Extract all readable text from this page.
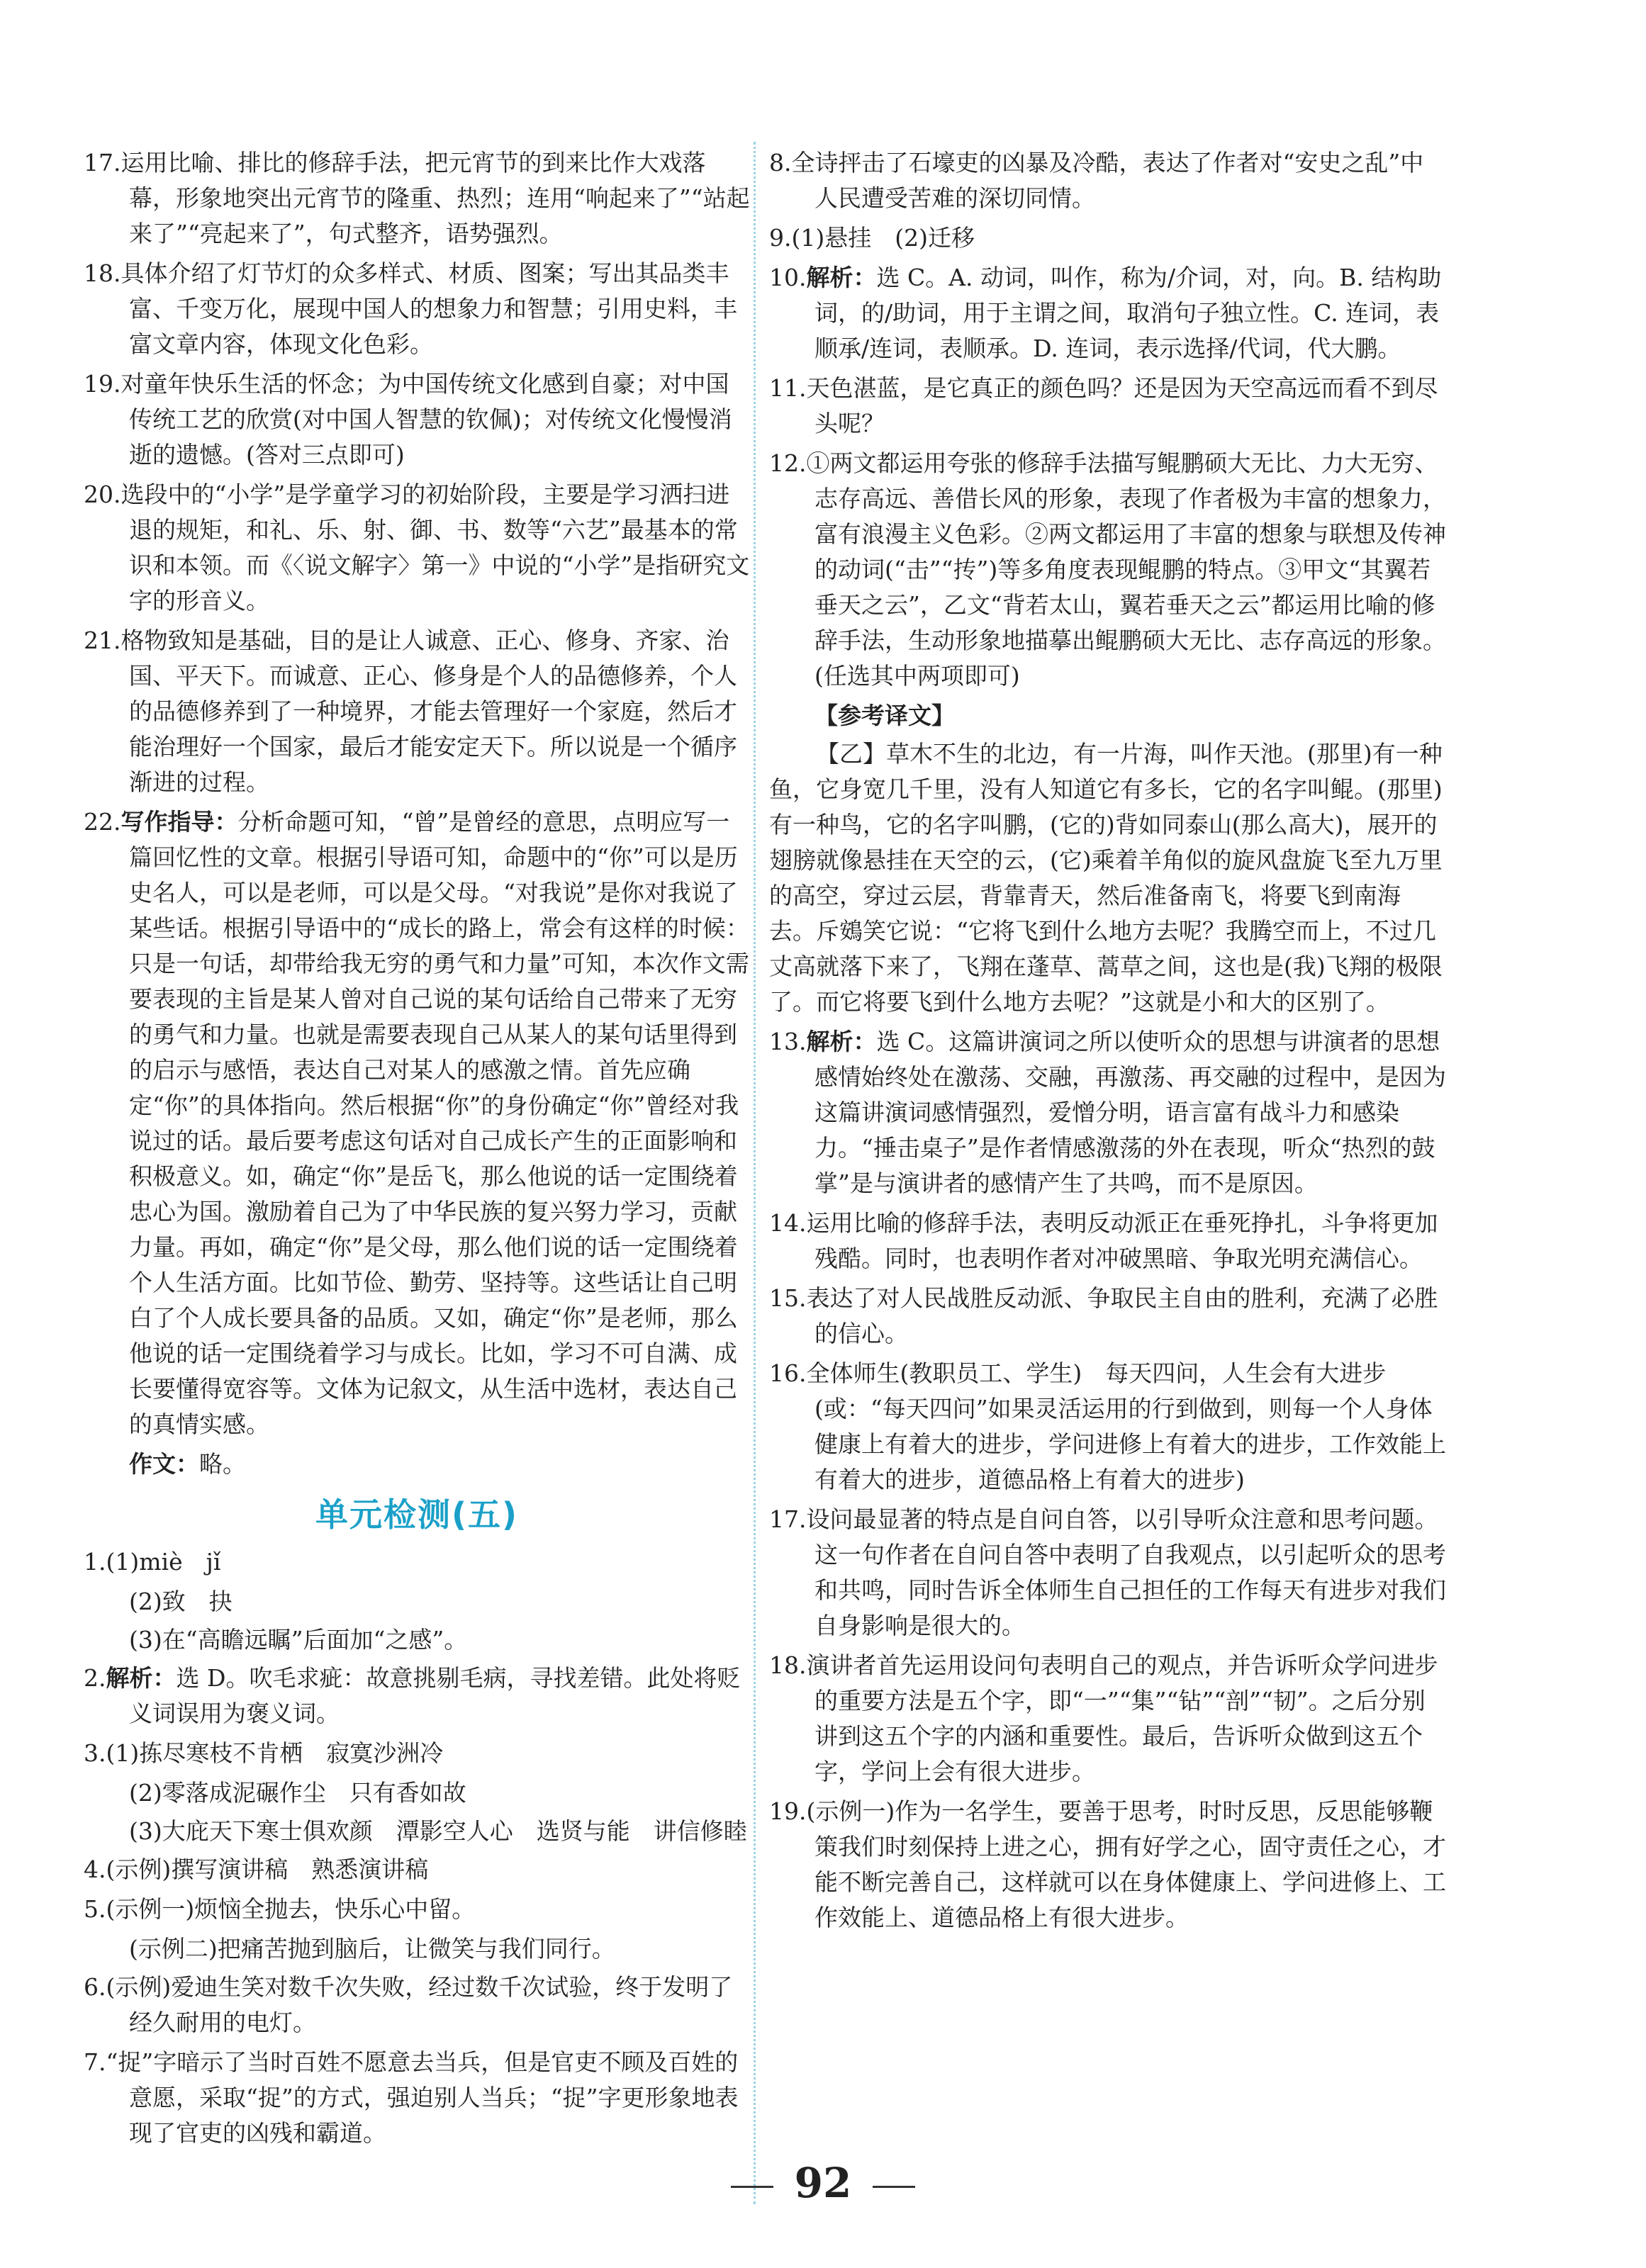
17.运用比喻、排比的修辞手法，把元宵节的到来比作大戏落幕，形象地突出元宵节的隆重、热烈；连用“响起来了”“站起来了”“亮起来了”，句式整齐，语势强烈。
18.具体介绍了灯节灯的众多样式、材质、图案；写出其品类丰富、千变万化，展现中国人的想象力和智慧；引用史料，丰富文章内容，体现文化色彩。
19.对童年快乐生活的怀念；为中国传统文化感到自豪；对中国传统工艺的欣赏(对中国人智慧的钦佩)；对传统文化慢慢消逝的遗憾。(答对三点即可)
20.选段中的“小学”是学童学习的初始阶段，主要是学习洒扫进退的规矩，和礼、乐、射、御、书、数等“六艺”最基本的常识和本领。而《〈说文解字〉第一》中说的“小学”是指研究文字的形音义。
21.格物致知是基础，目的是让人诚意、正心、修身、齐家、治国、平天下。而诚意、正心、修身是个人的品德修养，个人的品德修养到了一种境界，才能去管理好一个家庭，然后才能治理好一个国家，最后才能安定天下。所以说是一个循序渐进的过程。
22.写作指导：分析命题可知，“曾”是曾经的意思，点明应写一篇回忆性的文章。根据引导语可知，命题中的“你”可以是历史名人，可以是老师，可以是父母。“对我说”是你对我说了某些话。根据引导语中的“成长的路上，常会有这样的时候：只是一句话，却带给我无穷的勇气和力量”可知，本次作文需要表现的主旨是某人曾对自己说的某句话给自己带来了无穷的勇气和力量。也就是需要表现自己从某人的某句话里得到的启示与感悟，表达自己对某人的感激之情。首先应确定“你”的具体指向。然后根据“你”的身份确定“你”曾经对我说过的话。最后要考虑这句话对自己成长产生的正面影响和积极意义。如，确定“你”是岳飞，那么他说的话一定围绕着忠心为国。激励着自己为了中华民族的复兴努力学习，贡献力量。再如，确定“你”是父母，那么他们说的话一定围绕着个人生活方面。比如节俭、勤劳、坚持等。这些话让自己明白了个人成长要具备的品质。又如，确定“你”是老师，那么他说的话一定围绕着学习与成长。比如，学习不可自满、成长要懂得宽容等。文体为记叙文，从生活中选材，表达自己的真情实感。
作文：略。
单元检测(五)
1.(1)miè　jǐ
(2)致　抉
(3)在“高瞻远瞩”后面加“之感”。
2.解析：选 D。吹毛求疵：故意挑剔毛病，寻找差错。此处将贬义词误用为褒义词。
3.(1)拣尽寒枝不肯栖　寂寞沙洲冷
(2)零落成泥碾作尘　只有香如故
(3)大庇天下寒士俱欢颜　潭影空人心　选贤与能　讲信修睦
4.(示例)撰写演讲稿　熟悉演讲稿
5.(示例一)烦恼全抛去，快乐心中留。
(示例二)把痛苦抛到脑后，让微笑与我们同行。
6.(示例)爱迪生笑对数千次失败，经过数千次试验，终于发明了经久耐用的电灯。
7.“捉”字暗示了当时百姓不愿意去当兵，但是官吏不顾及百姓的意愿，采取“捉”的方式，强迫别人当兵；“捉”字更形象地表现了官吏的凶残和霸道。
8.全诗抨击了石壕吏的凶暴及冷酷，表达了作者对“安史之乱”中人民遭受苦难的深切同情。
9.(1)悬挂　(2)迁移
10.解析：选 C。A. 动词，叫作，称为/介词，对，向。B. 结构助词，的/助词，用于主谓之间，取消句子独立性。C. 连词，表顺承/连词，表顺承。D. 连词，表示选择/代词，代大鹏。
11.天色湛蓝，是它真正的颜色吗？还是因为天空高远而看不到尽头呢？
12.①两文都运用夸张的修辞手法描写鲲鹏硕大无比、力大无穷、志存高远、善借长风的形象，表现了作者极为丰富的想象力，富有浪漫主义色彩。②两文都运用了丰富的想象与联想及传神的动词(“击”“抟”)等多角度表现鲲鹏的特点。③甲文“其翼若垂天之云”，乙文“背若太山，翼若垂天之云”都运用比喻的修辞手法，生动形象地描摹出鲲鹏硕大无比、志存高远的形象。(任选其中两项即可)
【参考译文】
【乙】草木不生的北边，有一片海，叫作天池。(那里)有一种鱼，它身宽几千里，没有人知道它有多长，它的名字叫鲲。(那里)有一种鸟，它的名字叫鹏，(它的)背如同泰山(那么高大)，展开的翅膀就像悬挂在天空的云，(它)乘着羊角似的旋风盘旋飞至九万里的高空，穿过云层，背靠青天，然后准备南飞，将要飞到南海去。斥鴳笑它说：“它将飞到什么地方去呢？我腾空而上，不过几丈高就落下来了，飞翔在蓬草、蒿草之间，这也是(我)飞翔的极限了。而它将要飞到什么地方去呢？”这就是小和大的区别了。
13.解析：选 C。这篇讲演词之所以使听众的思想与讲演者的思想感情始终处在激荡、交融，再激荡、再交融的过程中，是因为这篇讲演词感情强烈，爱憎分明，语言富有战斗力和感染力。“捶击桌子”是作者情感激荡的外在表现，听众“热烈的鼓掌”是与演讲者的感情产生了共鸣，而不是原因。
14.运用比喻的修辞手法，表明反动派正在垂死挣扎，斗争将更加残酷。同时，也表明作者对冲破黑暗、争取光明充满信心。
15.表达了对人民战胜反动派、争取民主自由的胜利，充满了必胜的信心。
16.全体师生(教职员工、学生)　每天四问，人生会有大进步(或：“每天四问”如果灵活运用的行到做到，则每一个人身体健康上有着大的进步，学问进修上有着大的进步，工作效能上有着大的进步，道德品格上有着大的进步)
17.设问最显著的特点是自问自答，以引导听众注意和思考问题。这一句作者在自问自答中表明了自我观点，以引起听众的思考和共鸣，同时告诉全体师生自己担任的工作每天有进步对我们自身影响是很大的。
18.演讲者首先运用设问句表明自己的观点，并告诉听众学问进步的重要方法是五个字，即“一”“集”“钻”“剖”“韧”。之后分别讲到这五个字的内涵和重要性。最后，告诉听众做到这五个字，学问上会有很大进步。
19.(示例一)作为一名学生，要善于思考，时时反思，反思能够鞭策我们时刻保持上进之心，拥有好学之心，固守责任之心，才能不断完善自己，这样就可以在身体健康上、学问进修上、工作效能上、道德品格上有很大进步。
92
